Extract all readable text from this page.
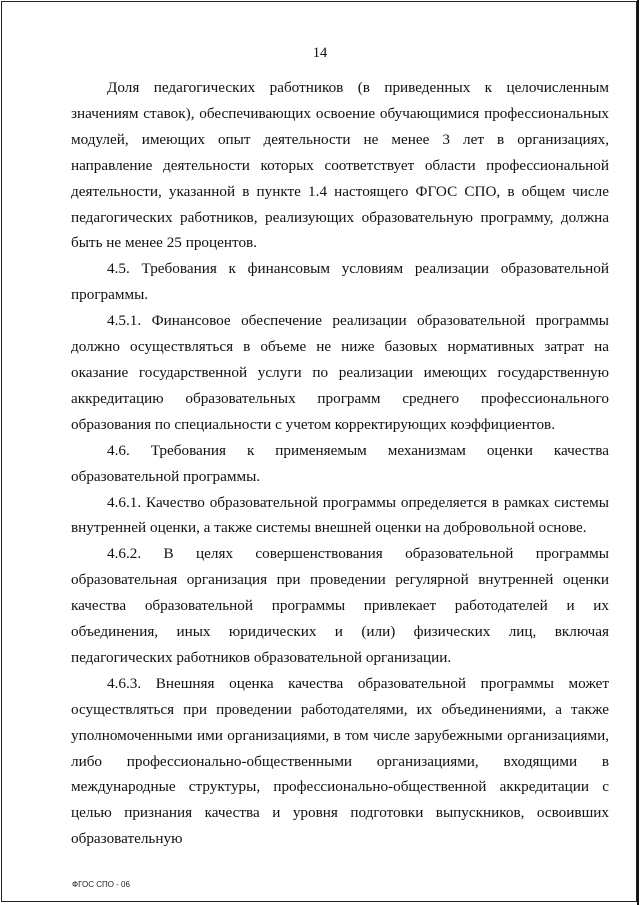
14

Доля педагогических работников (в приведенных к целочисленным значениям ставок), обеспечивающих освоение обучающимися профессиональных модулей, имеющих опыт деятельности не менее 3 лет в организациях, направление деятельности которых соответствует области профессиональной деятельности, указанной в пункте 1.4 настоящего ФГОС СПО, в общем числе педагогических работников, реализующих образовательную программу, должна быть не менее 25 процентов.

4.5. Требования к финансовым условиям реализации образовательной программы.

4.5.1. Финансовое обеспечение реализации образовательной программы должно осуществляться в объеме не ниже базовых нормативных затрат на оказание государственной услуги по реализации имеющих государственную аккредитацию образовательных программ среднего профессионального образования по специальности с учетом корректирующих коэффициентов.

4.6. Требования к применяемым механизмам оценки качества образовательной программы.

4.6.1. Качество образовательной программы определяется в рамках системы внутренней оценки, а также системы внешней оценки на добровольной основе.

4.6.2. В целях совершенствования образовательной программы образовательная организация при проведении регулярной внутренней оценки качества образовательной программы привлекает работодателей и их объединения, иных юридических и (или) физических лиц, включая педагогических работников образовательной организации.

4.6.3. Внешняя оценка качества образовательной программы может осуществляться при проведении работодателями, их объединениями, а также уполномоченными ими организациями, в том числе зарубежными организациями, либо профессионально-общественными организациями, входящими в международные структуры, профессионально-общественной аккредитации с целью признания качества и уровня подготовки выпускников, освоивших образовательную

ФГОС СПО - 06
